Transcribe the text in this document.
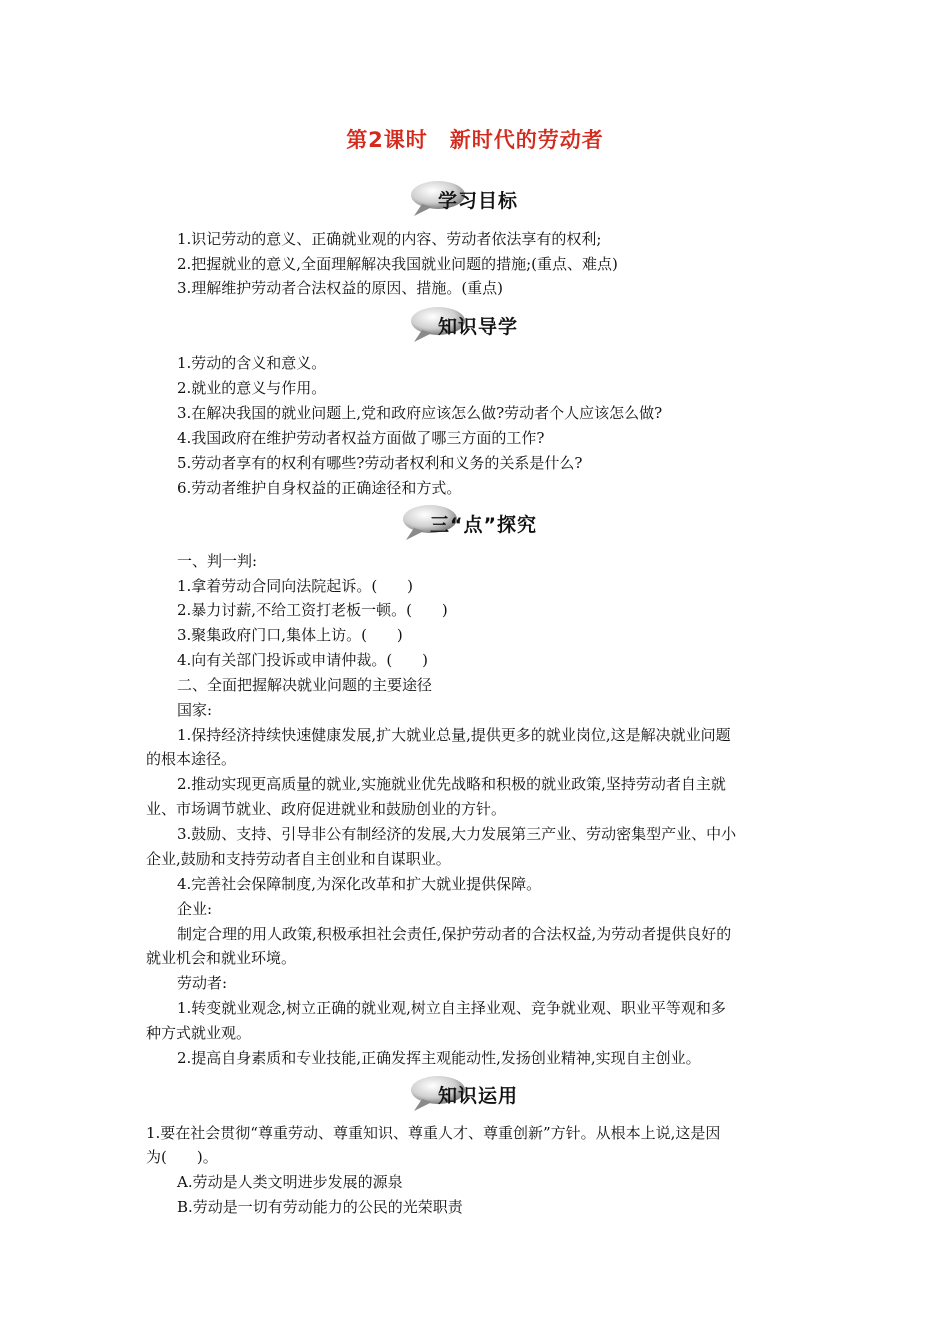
第2课时　新时代的劳动者
学习目标
1.识记劳动的意义、正确就业观的内容、劳动者依法享有的权利;
2.把握就业的意义,全面理解解决我国就业问题的措施;(重点、难点)
3.理解维护劳动者合法权益的原因、措施。(重点)
知识导学
1.劳动的含义和意义。
2.就业的意义与作用。
3.在解决我国的就业问题上,党和政府应该怎么做?劳动者个人应该怎么做?
4.我国政府在维护劳动者权益方面做了哪三方面的工作?
5.劳动者享有的权利有哪些?劳动者权利和义务的关系是什么?
6.劳动者维护自身权益的正确途径和方式。
三“点”探究
一、判一判:
1.拿着劳动合同向法院起诉。(　　)
2.暴力讨薪,不给工资打老板一顿。(　　)
3.聚集政府门口,集体上访。(　　)
4.向有关部门投诉或申请仲裁。(　　)
二、全面把握解决就业问题的主要途径
国家:
1.保持经济持续快速健康发展,扩大就业总量,提供更多的就业岗位,这是解决就业问题
的根本途径。
2.推动实现更高质量的就业,实施就业优先战略和积极的就业政策,坚持劳动者自主就
业、市场调节就业、政府促进就业和鼓励创业的方针。
3.鼓励、支持、引导非公有制经济的发展,大力发展第三产业、劳动密集型产业、中小
企业,鼓励和支持劳动者自主创业和自谋职业。
4.完善社会保障制度,为深化改革和扩大就业提供保障。
企业:
制定合理的用人政策,积极承担社会责任,保护劳动者的合法权益,为劳动者提供良好的
就业机会和就业环境。
劳动者:
1.转变就业观念,树立正确的就业观,树立自主择业观、竞争就业观、职业平等观和多
种方式就业观。
2.提高自身素质和专业技能,正确发挥主观能动性,发扬创业精神,实现自主创业。
知识运用
1.要在社会贯彻“尊重劳动、尊重知识、尊重人才、尊重创新”方针。从根本上说,这是因
为(　　)。
A.劳动是人类文明进步发展的源泉
B.劳动是一切有劳动能力的公民的光荣职责
